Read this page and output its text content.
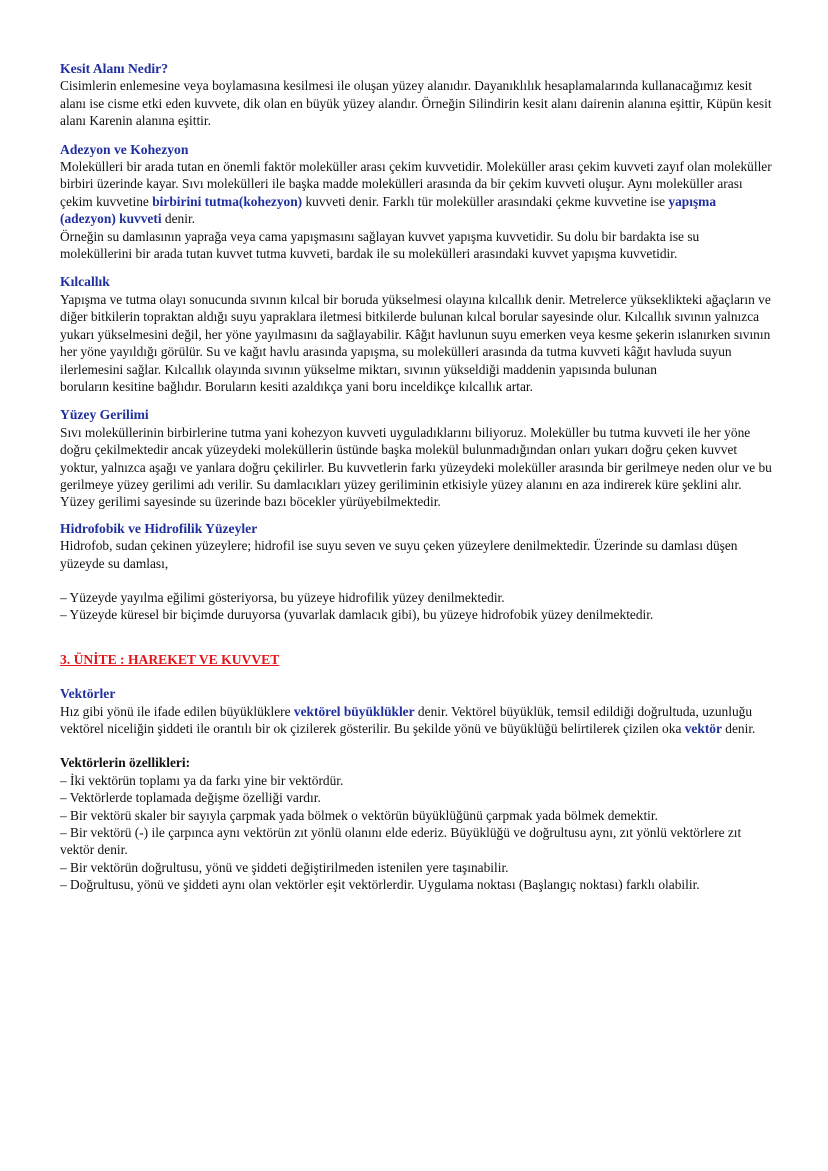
Kesit Alanı Nedir?

Cisimlerin enlemesine veya boylamasına kesilmesi ile oluşan yüzey alanıdır. Dayanıklılık hesaplamalarında kullanacağımız kesit alanı ise cisme etki eden kuvvete, dik olan en büyük yüzey alandır. Örneğin Silindirin kesit alanı dairenin alanına eşittir, Küpün kesit alanı Karenin alanına eşittir.

Adezyon ve Kohezyon

Molekülleri bir arada tutan en önemli faktör moleküller arası çekim kuvvetidir. Moleküller arası çekim kuvveti zayıf olan moleküller birbiri üzerinde kayar. Sıvı molekülleri ile başka madde molekülleri arasında da bir çekim kuvveti oluşur. Aynı moleküller arası çekim kuvvetine birbirini tutma(kohezyon) kuvveti denir. Farklı tür moleküller arasındaki çekme kuvvetine ise yapışma (adezyon) kuvveti denir.

Örneğin su damlasının yaprağa veya cama yapışmasını sağlayan kuvvet yapışma kuvvetidir. Su dolu bir bardakta ise su moleküllerini bir arada tutan kuvvet tutma kuvveti, bardak ile su molekülleri arasındaki kuvvet yapışma kuvvetidir.

Kılcallık

Yapışma ve tutma olayı sonucunda sıvının kılcal bir boruda yükselmesi olayına kılcallık denir. Metrelerce yükseklikteki ağaçların ve diğer bitkilerin topraktan aldığı suyu yapraklara iletmesi bitkilerde bulunan kılcal borular sayesinde olur. Kılcallık sıvının yalnızca yukarı yükselmesini değil, her yöne yayılmasını da sağlayabilir. Kâğıt havlunun suyu emerken veya kesme şekerin ıslanırken sıvının her yöne yayıldığı görülür. Su ve kağıt havlu arasında yapışma, su molekülleri arasında da tutma kuvveti kâğıt havluda suyun ilerlemesini sağlar. Kılcallık olayında sıvının yükselme miktarı, sıvının yükseldiği maddenin yapısında bulunan

boruların kesitine bağlıdır. Boruların kesiti azaldıkça yani boru inceldikçe kılcallık artar.

Yüzey Gerilimi

Sıvı moleküllerinin birbirlerine tutma yani kohezyon kuvveti uyguladıklarını biliyoruz. Moleküller bu tutma kuvveti ile her yöne doğru çekilmektedir ancak yüzeydeki moleküllerin üstünde başka molekül bulunmadığından onları yukarı doğru çeken kuvvet yoktur, yalnızca aşağı ve yanlara doğru çekilirler. Bu kuvvetlerin farkı yüzeydeki moleküller arasında bir gerilmeye neden olur ve bu gerilmeye yüzey gerilimi adı verilir. Su damlacıkları yüzey geriliminin etkisiyle yüzey alanını en aza indirerek küre şeklini alır. Yüzey gerilimi sayesinde su üzerinde bazı böcekler yürüyebilmektedir.

Hidrofobik ve Hidrofilik Yüzeyler

Hidrofob, sudan çekinen yüzeylere; hidrofil ise suyu seven ve suyu çeken yüzeylere denilmektedir. Üzerinde su damlası düşen yüzeyde su damlası,

– Yüzeyde yayılma eğilimi gösteriyorsa, bu yüzeye hidrofilik yüzey denilmektedir.

– Yüzeyde küresel bir biçimde duruyorsa (yuvarlak damlacık gibi), bu yüzeye hidrofobik yüzey denilmektedir.

3. ÜNİTE : HAREKET VE KUVVET
Vektörler

Hız gibi yönü ile ifade edilen büyüklüklere vektörel büyüklükler denir. Vektörel büyüklük, temsil edildiği doğrultuda, uzunluğu vektörel niceliğin şiddeti ile orantılı bir ok çizilerek gösterilir. Bu şekilde yönü ve büyüklüğü belirtilerek çizilen oka vektör denir.

Vektörlerin özellikleri:

– İki vektörün toplamı ya da farkı yine bir vektördür.

– Vektörlerde toplamada değişme özelliği vardır.

– Bir vektörü skaler bir sayıyla çarpmak yada bölmek o vektörün büyüklüğünü çarpmak yada bölmek demektir.

– Bir vektörü (-) ile çarpınca aynı vektörün zıt yönlü olanını elde ederiz. Büyüklüğü ve doğrultusu aynı, zıt yönlü vektörlere zıt vektör denir.

– Bir vektörün doğrultusu, yönü ve şiddeti değiştirilmeden istenilen yere taşınabilir.

– Doğrultusu, yönü ve şiddeti aynı olan vektörler eşit vektörlerdir. Uygulama noktası (Başlangıç noktası) farklı olabilir.
